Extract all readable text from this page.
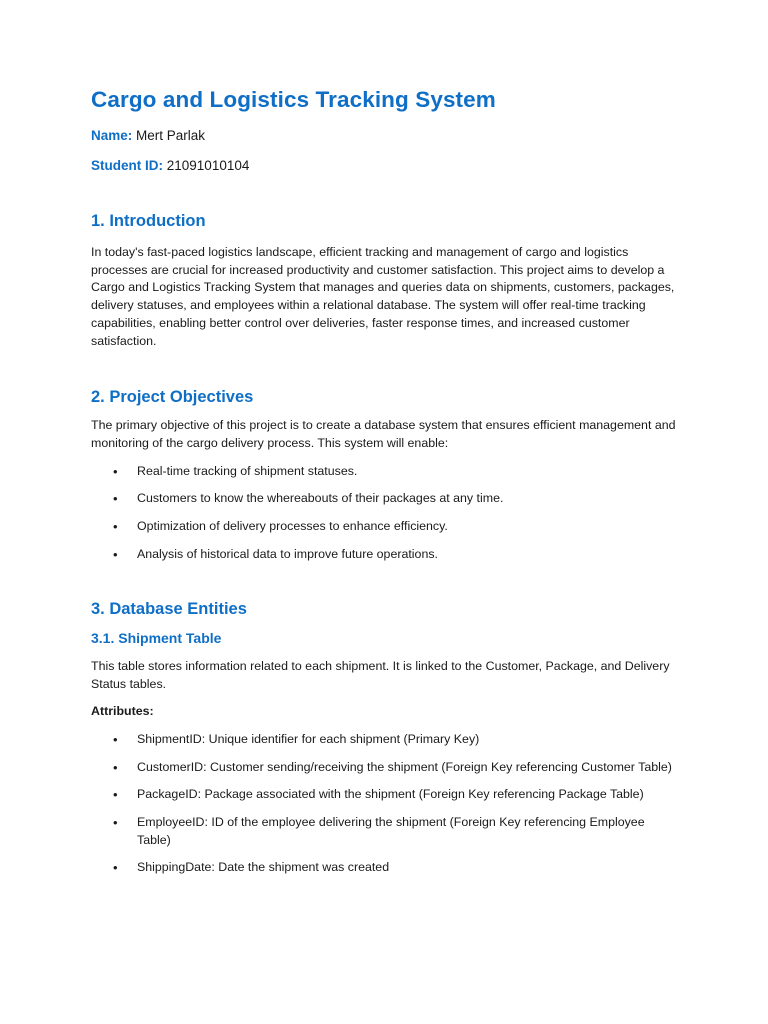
Cargo and Logistics Tracking System

Name: Mert Parlak

Student ID: 21091010104

1. Introduction

In today's fast-paced logistics landscape, efficient tracking and management of cargo and logistics processes are crucial for increased productivity and customer satisfaction. This project aims to develop a Cargo and Logistics Tracking System that manages and queries data on shipments, customers, packages, delivery statuses, and employees within a relational database. The system will offer real-time tracking capabilities, enabling better control over deliveries, faster response times, and increased customer satisfaction.

2. Project Objectives

The primary objective of this project is to create a database system that ensures efficient management and monitoring of the cargo delivery process. This system will enable:

• Real-time tracking of shipment statuses.
• Customers to know the whereabouts of their packages at any time.
• Optimization of delivery processes to enhance efficiency.
• Analysis of historical data to improve future operations.
3. Database Entities
3.1. Shipment Table

This table stores information related to each shipment. It is linked to the Customer, Package, and Delivery Status tables.

Attributes:

• ShipmentID: Unique identifier for each shipment (Primary Key)
• CustomerID: Customer sending/receiving the shipment (Foreign Key referencing Customer Table)
• PackageID: Package associated with the shipment (Foreign Key referencing Package Table)
• EmployeeID: ID of the employee delivering the shipment (Foreign Key referencing Employee Table)
• ShippingDate: Date the shipment was created
